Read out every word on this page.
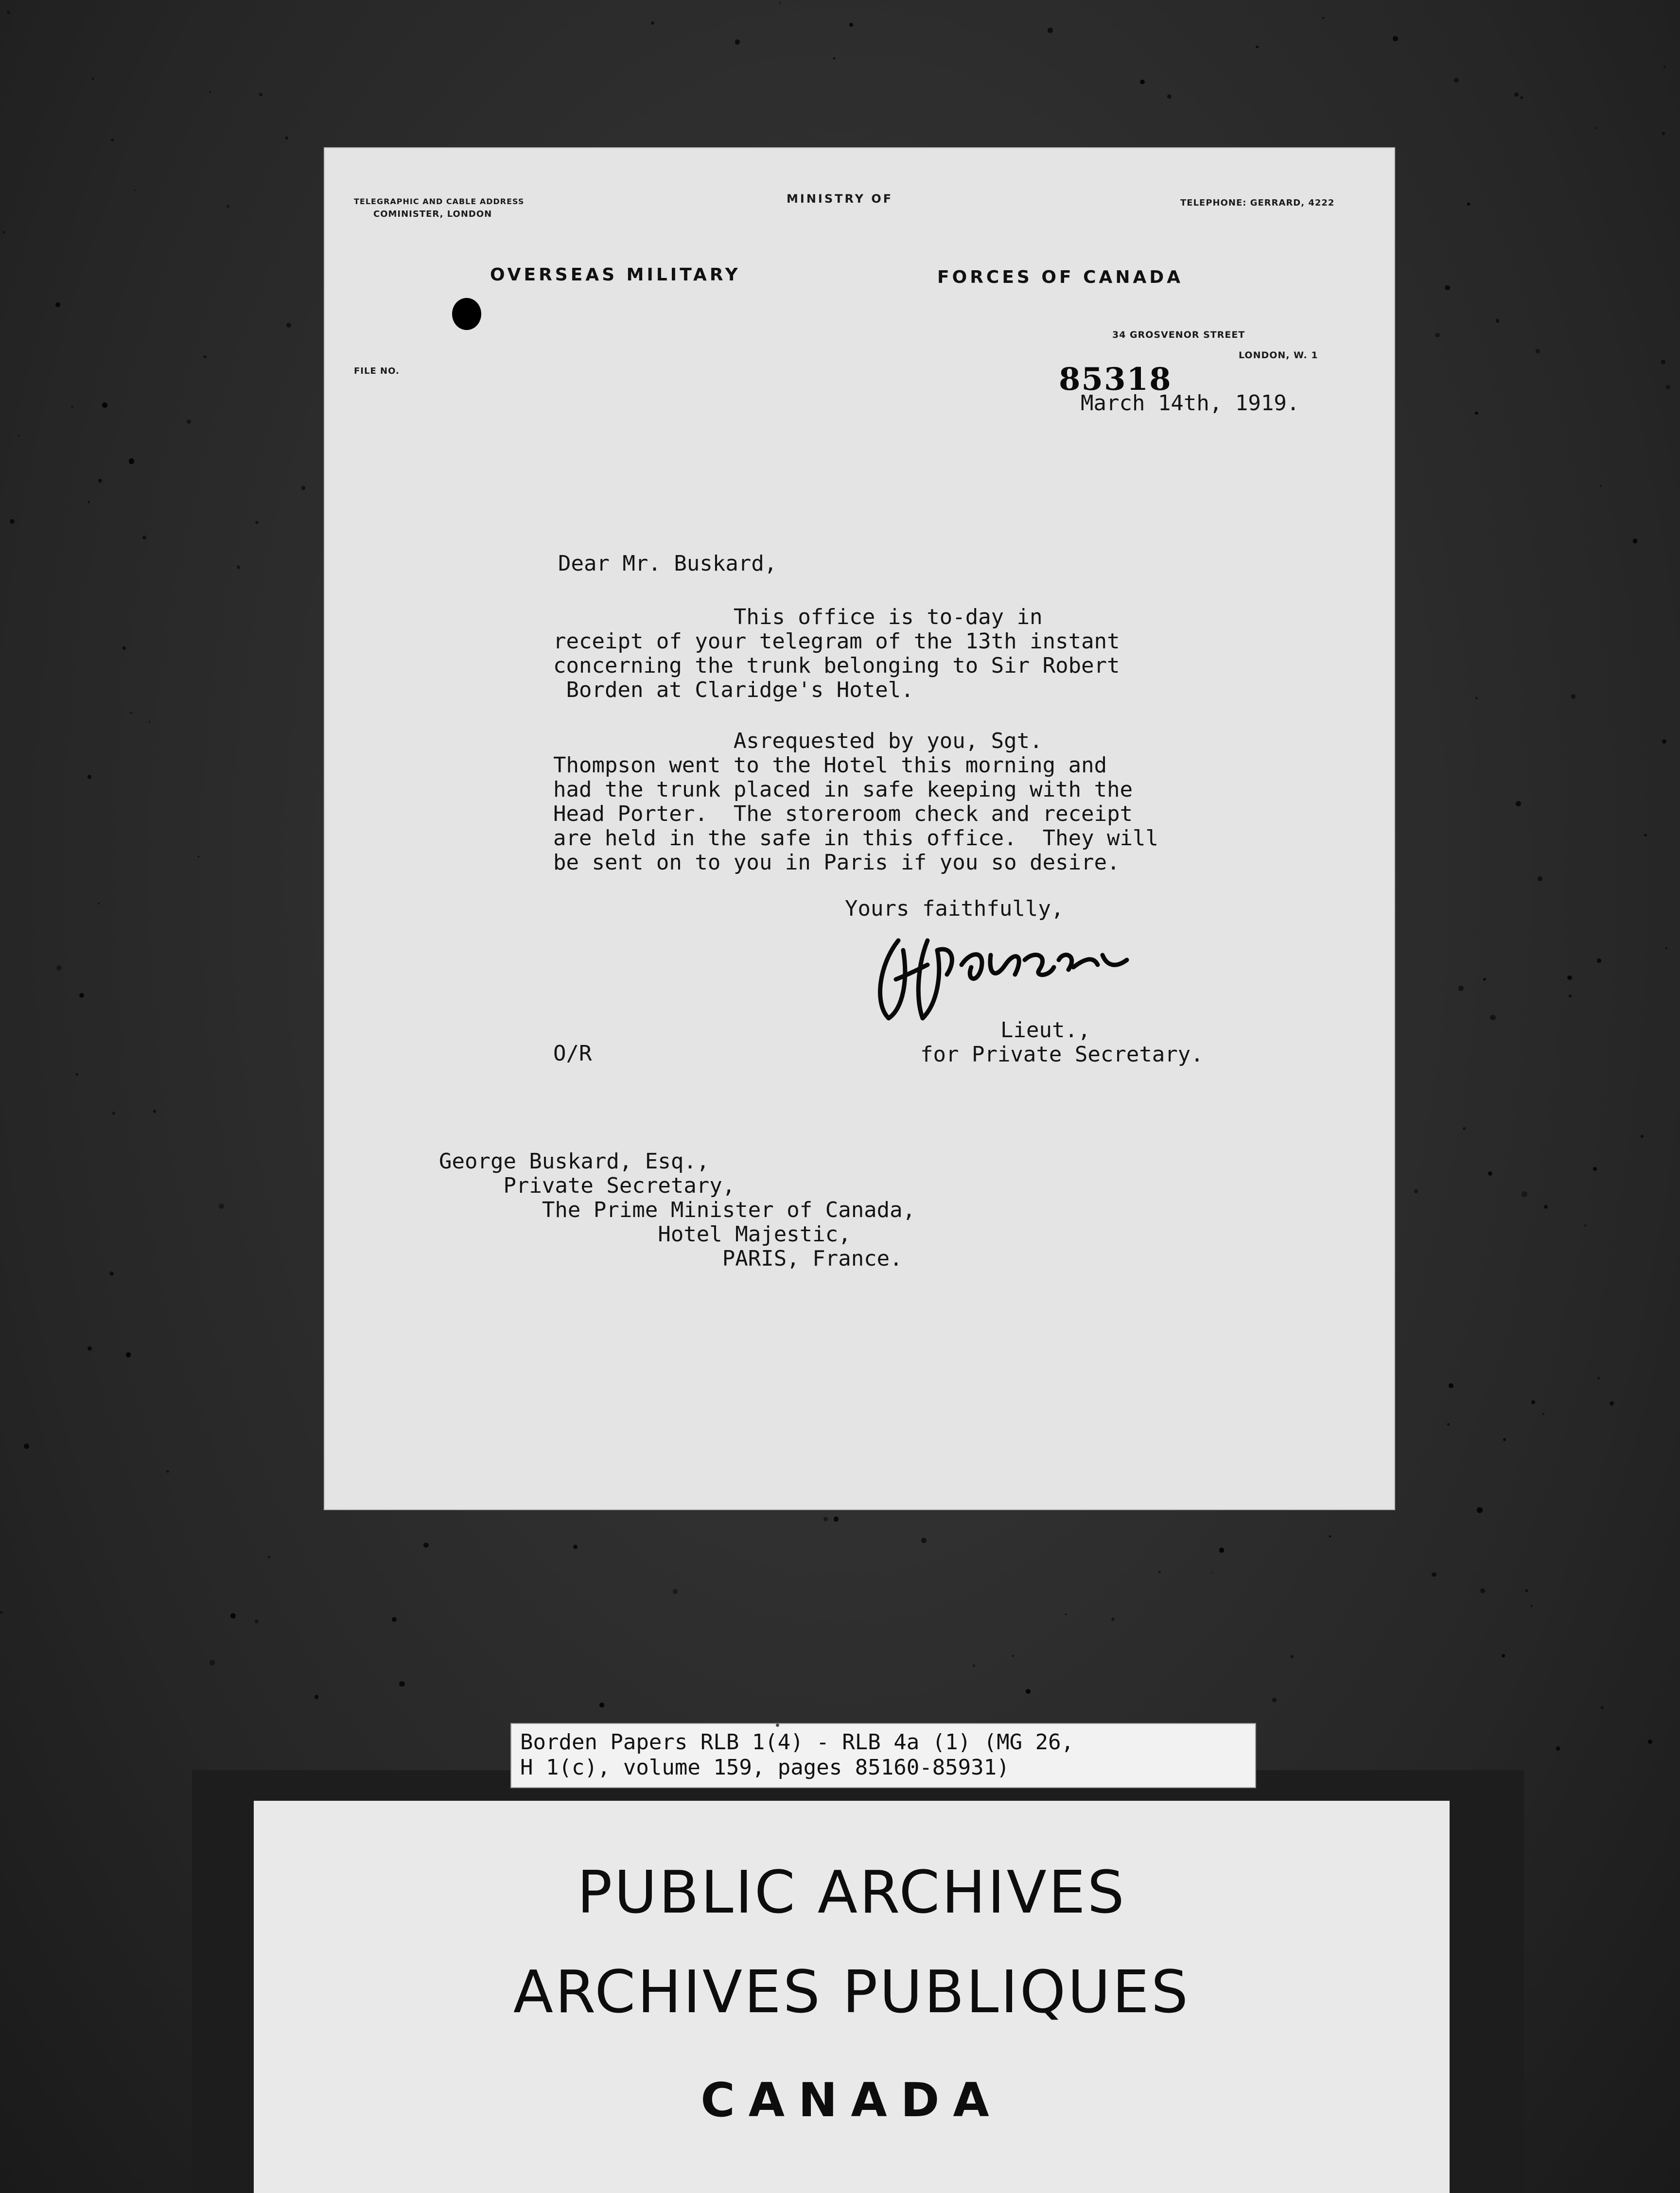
TELEGRAPHIC AND CABLE ADDRESS
COMINISTER, LONDON
MINISTRY OF	TELEPHONE: GERRARD, 4222
OVERSEAS MILITARY	FORCES OF CANADA
34 GROSVENOR STREET
LONDON, W. 1
FILE NO.	85318
March 14th, 1919.
Dear Mr. Buskard,
This office is to-day in
receipt of your telegram of the 13th instant
concerning the trunk belonging to Sir Robert
Borden at Claridge's Hotel.
Asrequested by you, Sgt.
Thompson went to the Hotel this morning and
had the trunk placed in safe keeping with the
Head Porter.  The storeroom check and receipt
are held in the safe in this office.  They will
be sent on to you in Paris if you so desire.
Yours faithfully,
Lieut.,
for Private Secretary.
O/R
George Buskard, Esq.,
Private Secretary,
The Prime Minister of Canada,
Hotel Majestic,
PARIS, France.
Borden Papers RLB 1(4) - RLB 4a (1) (MG 26,
H 1(c), volume 159, pages 85160-85931)
PUBLIC ARCHIVES
ARCHIVES PUBLIQUES
CANADA
